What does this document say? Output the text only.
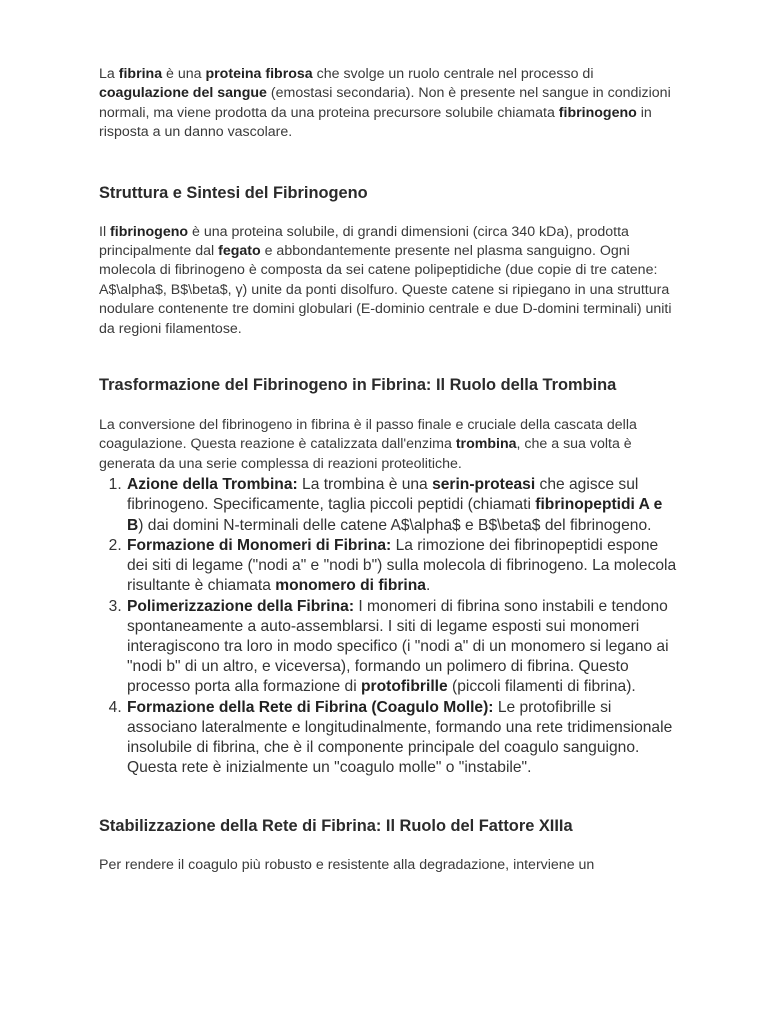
La fibrina è una proteina fibrosa che svolge un ruolo centrale nel processo di coagulazione del sangue (emostasi secondaria). Non è presente nel sangue in condizioni normali, ma viene prodotta da una proteina precursore solubile chiamata fibrinogeno in risposta a un danno vascolare.

Struttura e Sintesi del Fibrinogeno

Il fibrinogeno è una proteina solubile, di grandi dimensioni (circa 340 kDa), prodotta principalmente dal fegato e abbondantemente presente nel plasma sanguigno. Ogni molecola di fibrinogeno è composta da sei catene polipeptidiche (due copie di tre catene: A$\alpha$, B$\beta$, γ) unite da ponti disolfuro. Queste catene si ripiegano in una struttura nodulare contenente tre domini globulari (E-dominio centrale e due D-domini terminali) uniti da regioni filamentose.

Trasformazione del Fibrinogeno in Fibrina: Il Ruolo della Trombina

La conversione del fibrinogeno in fibrina è il passo finale e cruciale della cascata della coagulazione. Questa reazione è catalizzata dall'enzima trombina, che a sua volta è generata da una serie complessa di reazioni proteolitiche.

1. Azione della Trombina: La trombina è una serin-proteasi che agisce sul fibrinogeno. Specificamente, taglia piccoli peptidi (chiamati fibrinopeptidi A e B) dai domini N-terminali delle catene A$\alpha$ e B$\beta$ del fibrinogeno.
2. Formazione di Monomeri di Fibrina: La rimozione dei fibrinopeptidi espone dei siti di legame ("nodi a" e "nodi b") sulla molecola di fibrinogeno. La molecola risultante è chiamata monomero di fibrina.
3. Polimerizzazione della Fibrina: I monomeri di fibrina sono instabili e tendono spontaneamente a auto-assemblarsi. I siti di legame esposti sui monomeri interagiscono tra loro in modo specifico (i "nodi a" di un monomero si legano ai "nodi b" di un altro, e viceversa), formando un polimero di fibrina. Questo processo porta alla formazione di protofibrille (piccoli filamenti di fibrina).
4. Formazione della Rete di Fibrina (Coagulo Molle): Le protofibrille si associano lateralmente e longitudinalmente, formando una rete tridimensionale insolubile di fibrina, che è il componente principale del coagulo sanguigno. Questa rete è inizialmente un "coagulo molle" o "instabile".
Stabilizzazione della Rete di Fibrina: Il Ruolo del Fattore XIIIa

Per rendere il coagulo più robusto e resistente alla degradazione, interviene un
